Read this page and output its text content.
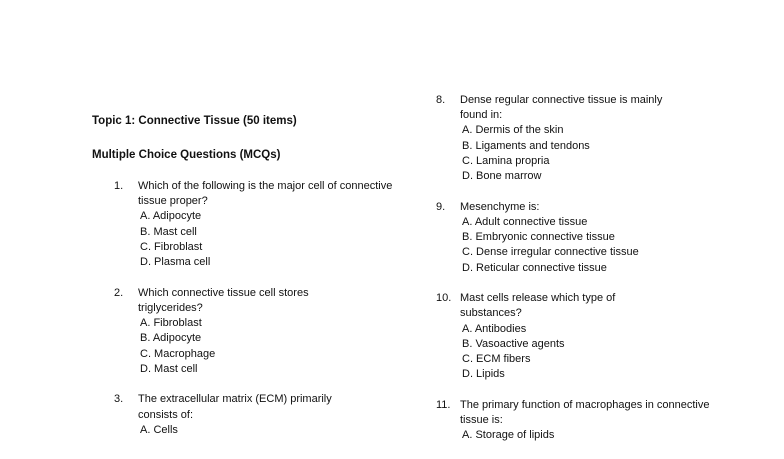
Topic 1: Connective Tissue (50 items)
Multiple Choice Questions (MCQs)
1.	Which of the following is the major cell of connective tissue proper?
A. Adipocyte
B. Mast cell
C. Fibroblast
D. Plasma cell
2.	Which connective tissue cell stores triglycerides?
A. Fibroblast
B. Adipocyte
C. Macrophage
D. Mast cell
3.	The extracellular matrix (ECM) primarily consists of:
A. Cells
8.	Dense regular connective tissue is mainly found in:
A. Dermis of the skin
B. Ligaments and tendons
C. Lamina propria
D. Bone marrow
9.	Mesenchyme is:
A. Adult connective tissue
B. Embryonic connective tissue
C. Dense irregular connective tissue
D. Reticular connective tissue
10. Mast cells release which type of substances?
A. Antibodies
B. Vasoactive agents
C. ECM fibers
D. Lipids
11. The primary function of macrophages in connective tissue is:
A. Storage of lipids
